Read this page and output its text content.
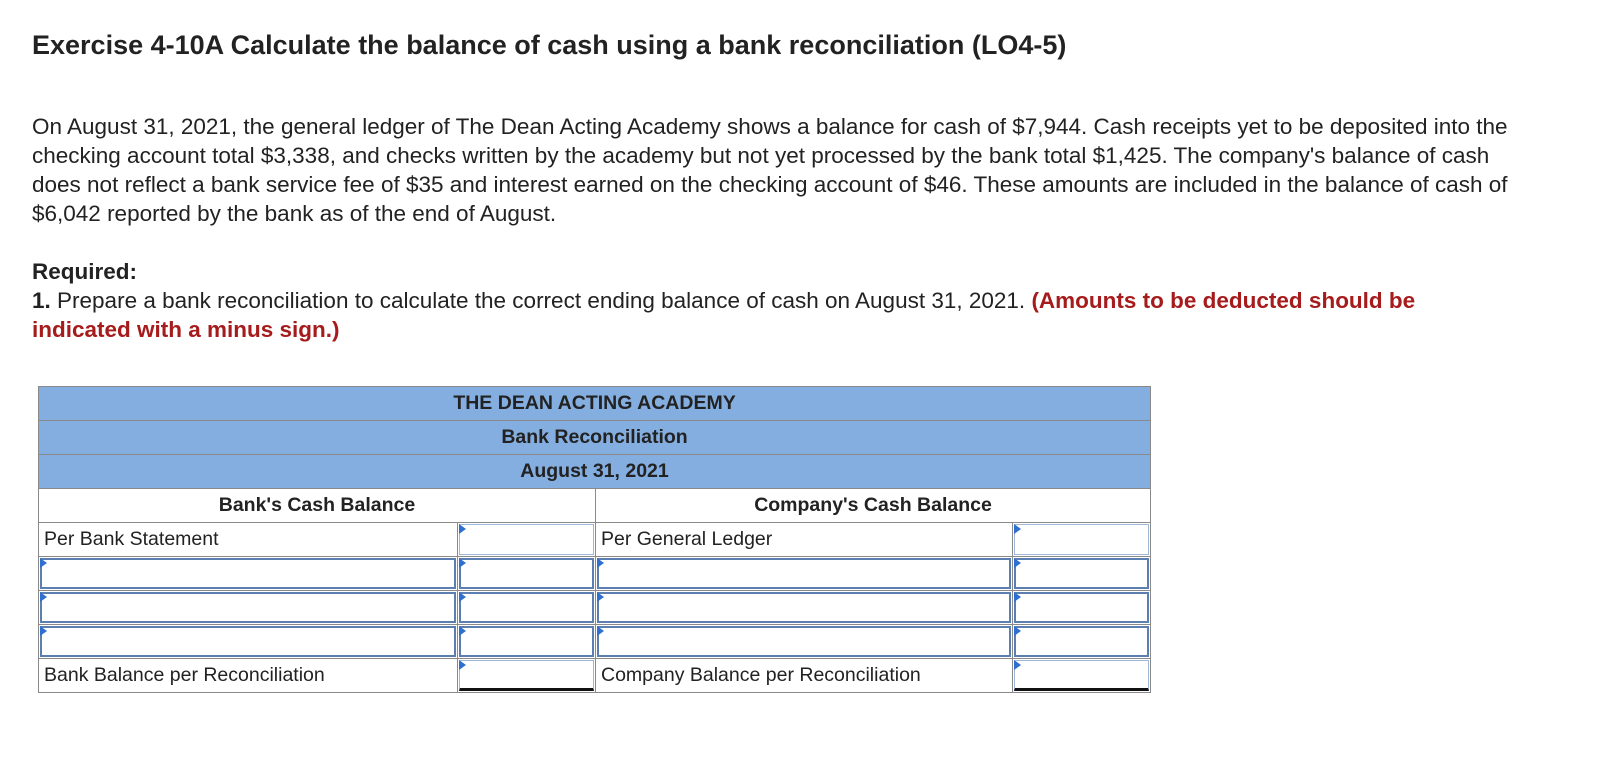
Exercise 4-10A Calculate the balance of cash using a bank reconciliation (LO4-5)
On August 31, 2021, the general ledger of The Dean Acting Academy shows a balance for cash of $7,944. Cash receipts yet to be deposited into the checking account total $3,338, and checks written by the academy but not yet processed by the bank total $1,425. The company's balance of cash does not reflect a bank service fee of $35 and interest earned on the checking account of $46. These amounts are included in the balance of cash of $6,042 reported by the bank as of the end of August.
Required:
1. Prepare a bank reconciliation to calculate the correct ending balance of cash on August 31, 2021. (Amounts to be deducted should be indicated with a minus sign.)
THE DEAN ACTING ACADEMY			
Bank Reconciliation			
August 31, 2021			
Bank's Cash Balance		Company's Cash Balance	
Per Bank Statement		Per General Ledger	

Bank Balance per Reconciliation		Company Balance per Reconciliation	
